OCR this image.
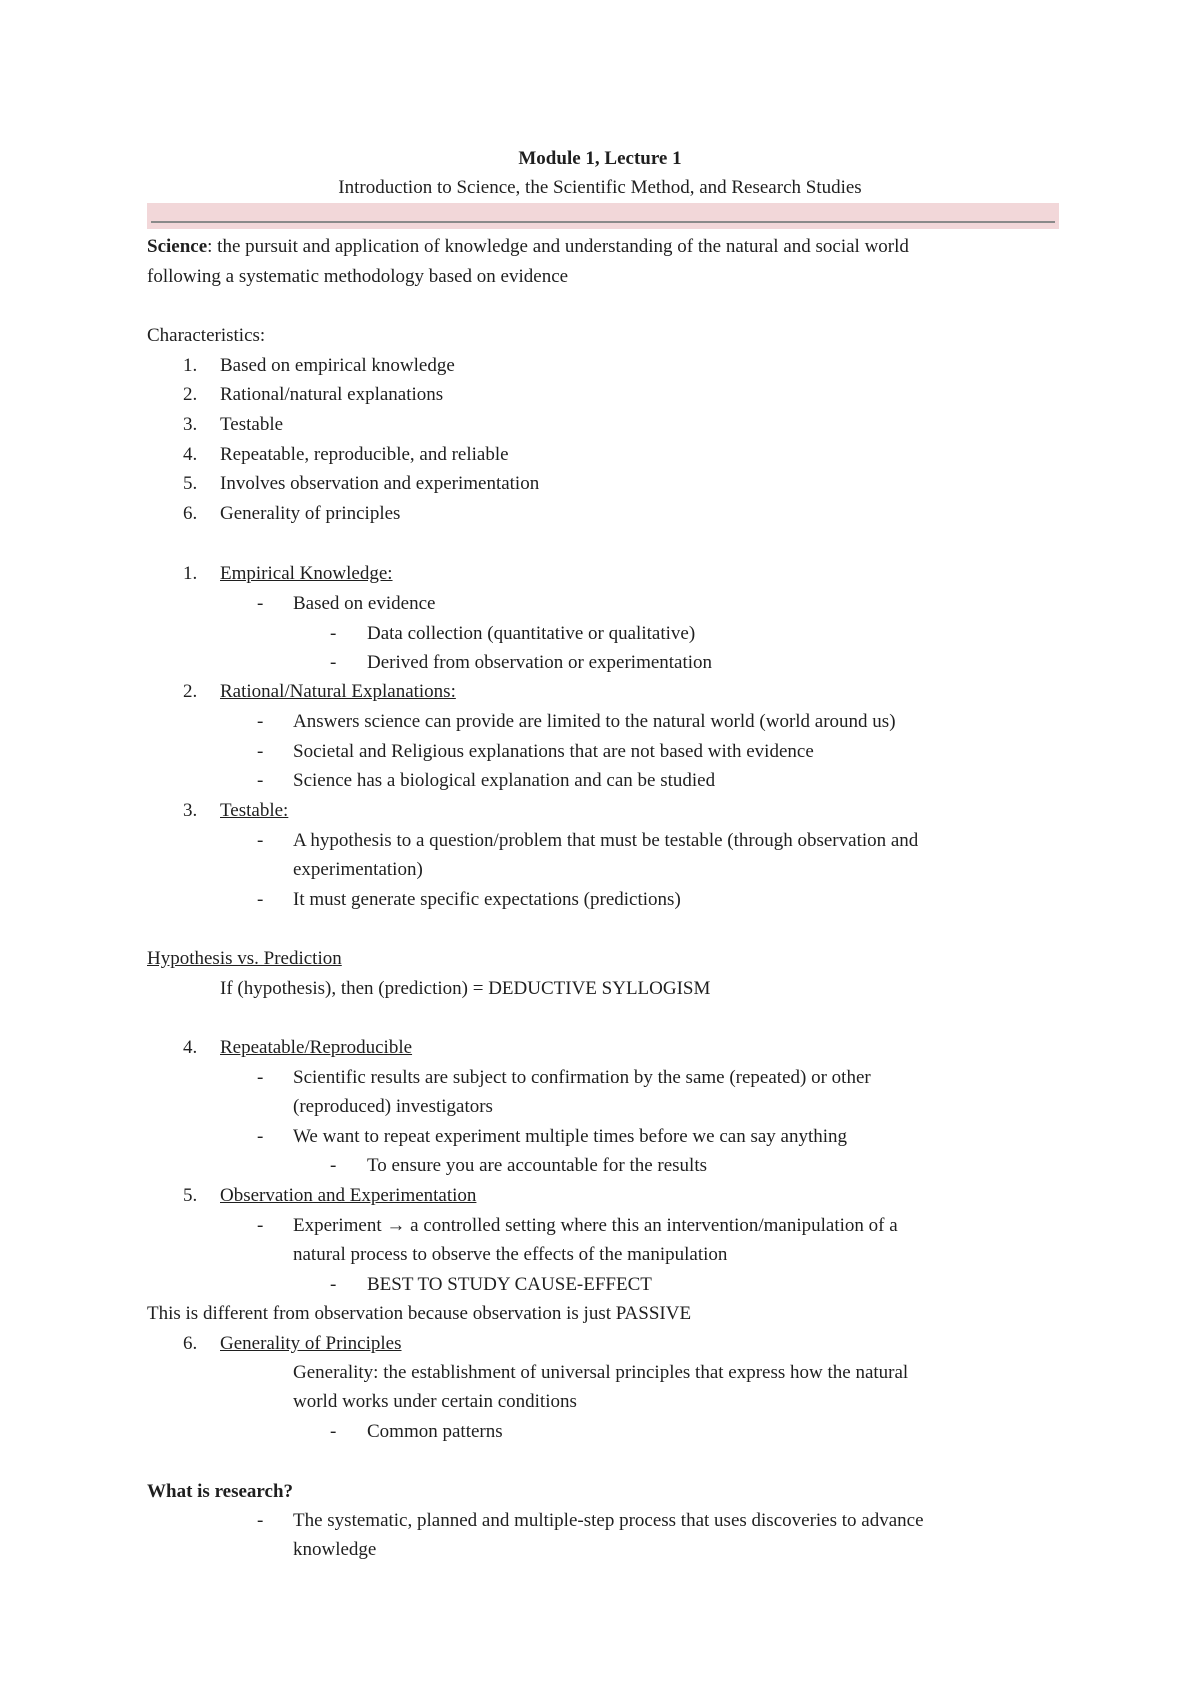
Module 1, Lecture 1
Introduction to Science, the Scientific Method, and Research Studies
Science: the pursuit and application of knowledge and understanding of the natural and social world
following a systematic methodology based on evidence
Characteristics:
1. Based on empirical knowledge
2. Rational/natural explanations
3. Testable
4. Repeatable, reproducible, and reliable
5. Involves observation and experimentation
6. Generality of principles
1. Empirical Knowledge:
- Based on evidence
- Data collection (quantitative or qualitative)
- Derived from observation or experimentation
2. Rational/Natural Explanations:
- Answers science can provide are limited to the natural world (world around us)
- Societal and Religious explanations that are not based with evidence
- Science has a biological explanation and can be studied
3. Testable:
- A hypothesis to a question/problem that must be testable (through observation and
experimentation)
- It must generate specific expectations (predictions)
Hypothesis vs. Prediction
If (hypothesis), then (prediction) = DEDUCTIVE SYLLOGISM
4. Repeatable/Reproducible
- Scientific results are subject to confirmation by the same (repeated) or other
(reproduced) investigators
- We want to repeat experiment multiple times before we can say anything
- To ensure you are accountable for the results
5. Observation and Experimentation
- Experiment → a controlled setting where this an intervention/manipulation of a
natural process to observe the effects of the manipulation
- BEST TO STUDY CAUSE-EFFECT
This is different from observation because observation is just PASSIVE
6. Generality of Principles
Generality: the establishment of universal principles that express how the natural
world works under certain conditions
- Common patterns
What is research?
- The systematic, planned and multiple-step process that uses discoveries to advance
knowledge
